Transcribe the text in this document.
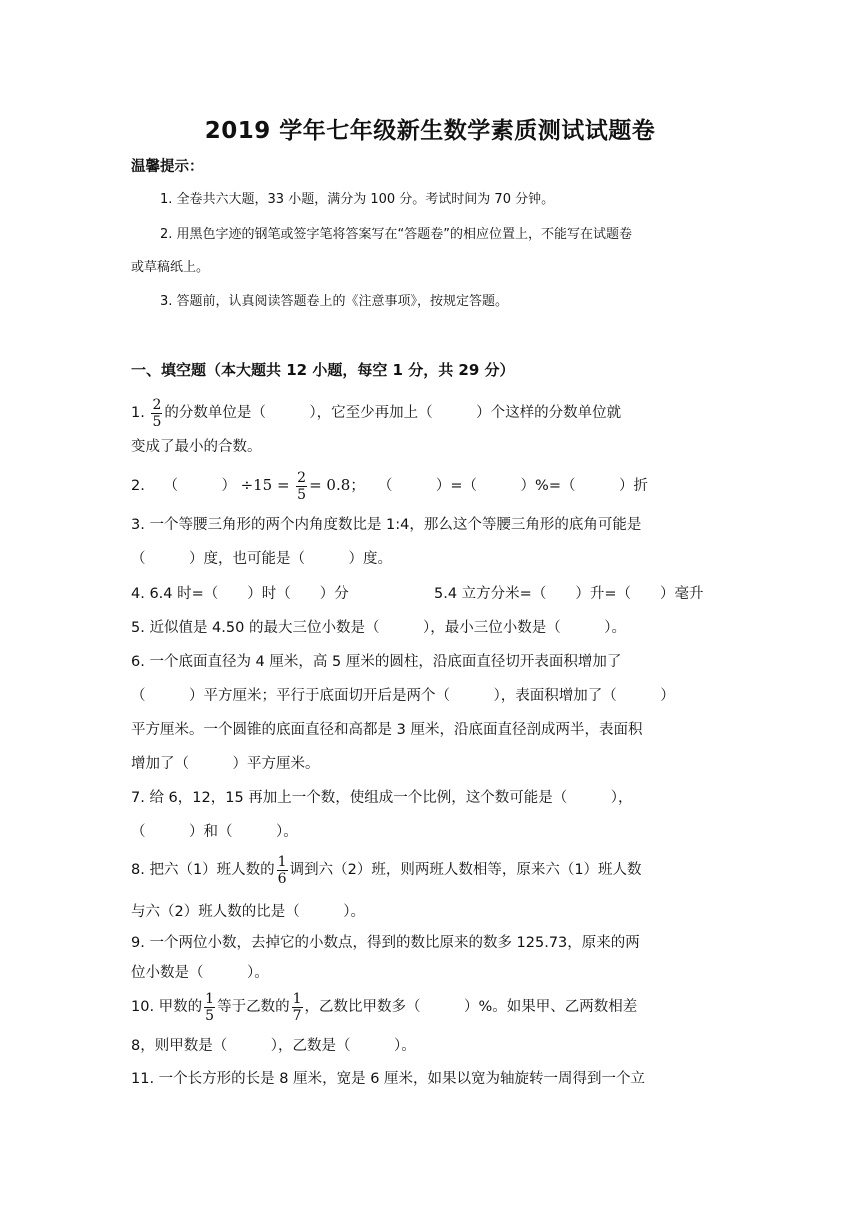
2019 学年七年级新生数学素质测试试题卷
温馨提示：
1. 全卷共六大题，33 小题，满分为 100 分。考试时间为 70 分钟。
2. 用黑色字迹的钢笔或签字笔将答案写在“答题卷”的相应位置上，不能写在试题卷
或草稿纸上。
3. 答题前，认真阅读答题卷上的《注意事项》，按规定答题。
一、填空题（本大题共 12 小题，每空 1 分，共 29 分）
1. $\frac{2}{5}$ 的分数单位是（　　　），它至少再加上（　　　）个这样的分数单位就
变成了最小的合数。
2. （　　　） $\div 15 = \frac{2}{5} = 0.8$； （　　　）=（　　　）%=（　　　）折
3. 一个等腰三角形的两个内角度数比是 1:4，那么这个等腰三角形的底角可能是
（　　　）度，也可能是（　　　）度。
4. 6.4 时=（　　）时（　　）分	5.4 立方分米=（　　）升=（　　）毫升
5. 近似值是 4.50 的最大三位小数是（　　　），最小三位小数是（　　　）。
6. 一个底面直径为 4 厘米，高 5 厘米的圆柱，沿底面直径切开表面积增加了
（　　　）平方厘米；平行于底面切开后是两个（　　　），表面积增加了（　　　）
平方厘米。一个圆锥的底面直径和高都是 3 厘米，沿底面直径剖成两半，表面积
增加了（　　　）平方厘米。
7. 给 6，12，15 再加上一个数，使组成一个比例，这个数可能是（　　　），
（　　　）和（　　　）。
8. 把六（1）班人数的 $\frac{1}{6}$ 调到六（2）班，则两班人数相等，原来六（1）班人数
与六（2）班人数的比是（　　　）。
9. 一个两位小数，去掉它的小数点，得到的数比原来的数多 125.73，原来的两
位小数是（　　　）。
10. 甲数的 $\frac{1}{5}$ 等于乙数的 $\frac{1}{7}$ ，乙数比甲数多（　　　）%。如果甲、乙两数相差
8，则甲数是（　　　），乙数是（　　　）。
11. 一个长方形的长是 8 厘米，宽是 6 厘米，如果以宽为轴旋转一周得到一个立
